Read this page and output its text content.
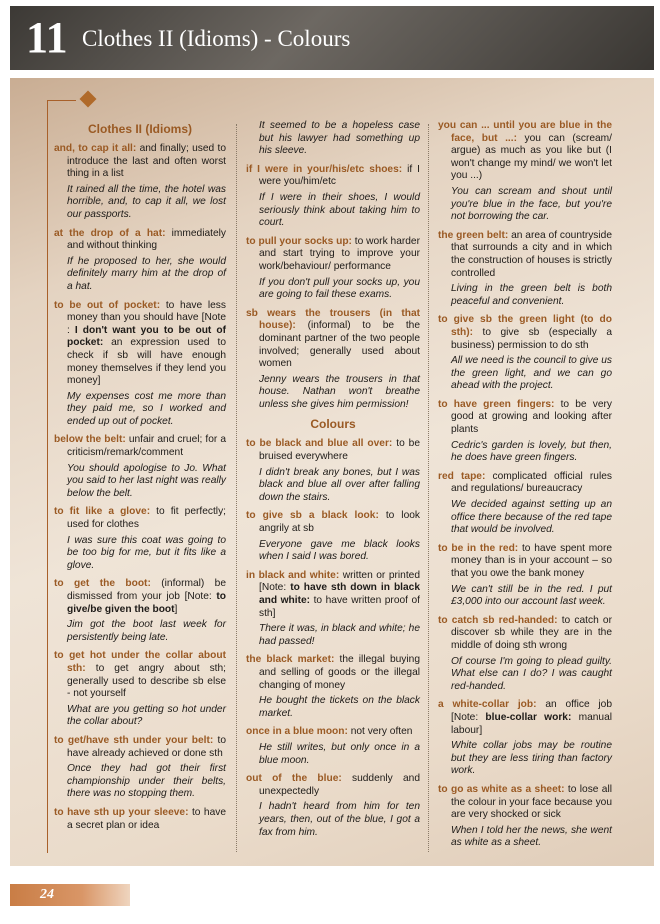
11 Clothes II (Idioms) - Colours
Clothes II (Idioms)
and, to cap it all: and finally; used to introduce the last and often worst thing in a list
It rained all the time, the hotel was horrible, and, to cap it all, we lost our passports.
at the drop of a hat: immediately and without thinking
If he proposed to her, she would definitely marry him at the drop of a hat.
to be out of pocket: to have less money than you should have [Note : I don't want you to be out of pocket: an expression used to check if sb will have enough money themselves if they lend you money]
My expenses cost me more than they paid me, so I worked and ended up out of pocket.
below the belt: unfair and cruel; for a criticism/remark/comment
You should apologise to Jo. What you said to her last night was really below the belt.
to fit like a glove: to fit perfectly; used for clothes
I was sure this coat was going to be too big for me, but it fits like a glove.
to get the boot: (informal) be dismissed from your job [Note: to give/be given the boot]
Jim got the boot last week for persistently being late.
to get hot under the collar about sth: to get angry about sth; generally used to describe sb else - not yourself
What are you getting so hot under the collar about?
to get/have sth under your belt: to have already achieved or done sth
Once they had got their first championship under their belts, there was no stopping them.
to have sth up your sleeve: to have a secret plan or idea
It seemed to be a hopeless case but his lawyer had something up his sleeve.
if I were in your/his/etc shoes: if I were you/him/etc
If I were in their shoes, I would seriously think about taking him to court.
to pull your socks up: to work harder and start trying to improve your work/behaviour/ performance
If you don't pull your socks up, you are going to fail these exams.
sb wears the trousers (in that house): (informal) to be the dominant partner of the two people involved; generally used about women
Jenny wears the trousers in that house. Nathan won't breathe unless she gives him permission!
Colours
to be black and blue all over: to be bruised everywhere
I didn't break any bones, but I was black and blue all over after falling down the stairs.
to give sb a black look: to look angrily at sb
Everyone gave me black looks when I said I was bored.
in black and white: written or printed [Note: to have sth down in black and white: to have written proof of sth]
There it was, in black and white; he had passed!
the black market: the illegal buying and selling of goods or the illegal changing of money
He bought the tickets on the black market.
once in a blue moon: not very often
He still writes, but only once in a blue moon.
out of the blue: suddenly and unexpectedly
I hadn't heard from him for ten years, then, out of the blue, I got a fax from him.
you can ... until you are blue in the face, but ...: you can (scream/ argue) as much as you like but (I won't change my mind/ we won't let you ...)
You can scream and shout until you're blue in the face, but you're not borrowing the car.
the green belt: an area of countryside that surrounds a city and in which the construction of houses is strictly controlled
Living in the green belt is both peaceful and convenient.
to give sb the green light (to do sth): to give sb (especially a business) permission to do sth
All we need is the council to give us the green light, and we can go ahead with the project.
to have green fingers: to be very good at growing and looking after plants
Cedric's garden is lovely, but then, he does have green fingers.
red tape: complicated official rules and regulations/ bureaucracy
We decided against setting up an office there because of the red tape that would be involved.
to be in the red: to have spent more money than is in your account – so that you owe the bank money
We can't still be in the red. I put £3,000 into our account last week.
to catch sb red-handed: to catch or discover sb while they are in the middle of doing sth wrong
Of course I'm going to plead guilty. What else can I do? I was caught red-handed.
a white-collar job: an office job [Note: blue-collar work: manual labour]
White collar jobs may be routine but they are less tiring than factory work.
to go as white as a sheet: to lose all the colour in your face because you are very shocked or sick
When I told her the news, she went as white as a sheet.
24
